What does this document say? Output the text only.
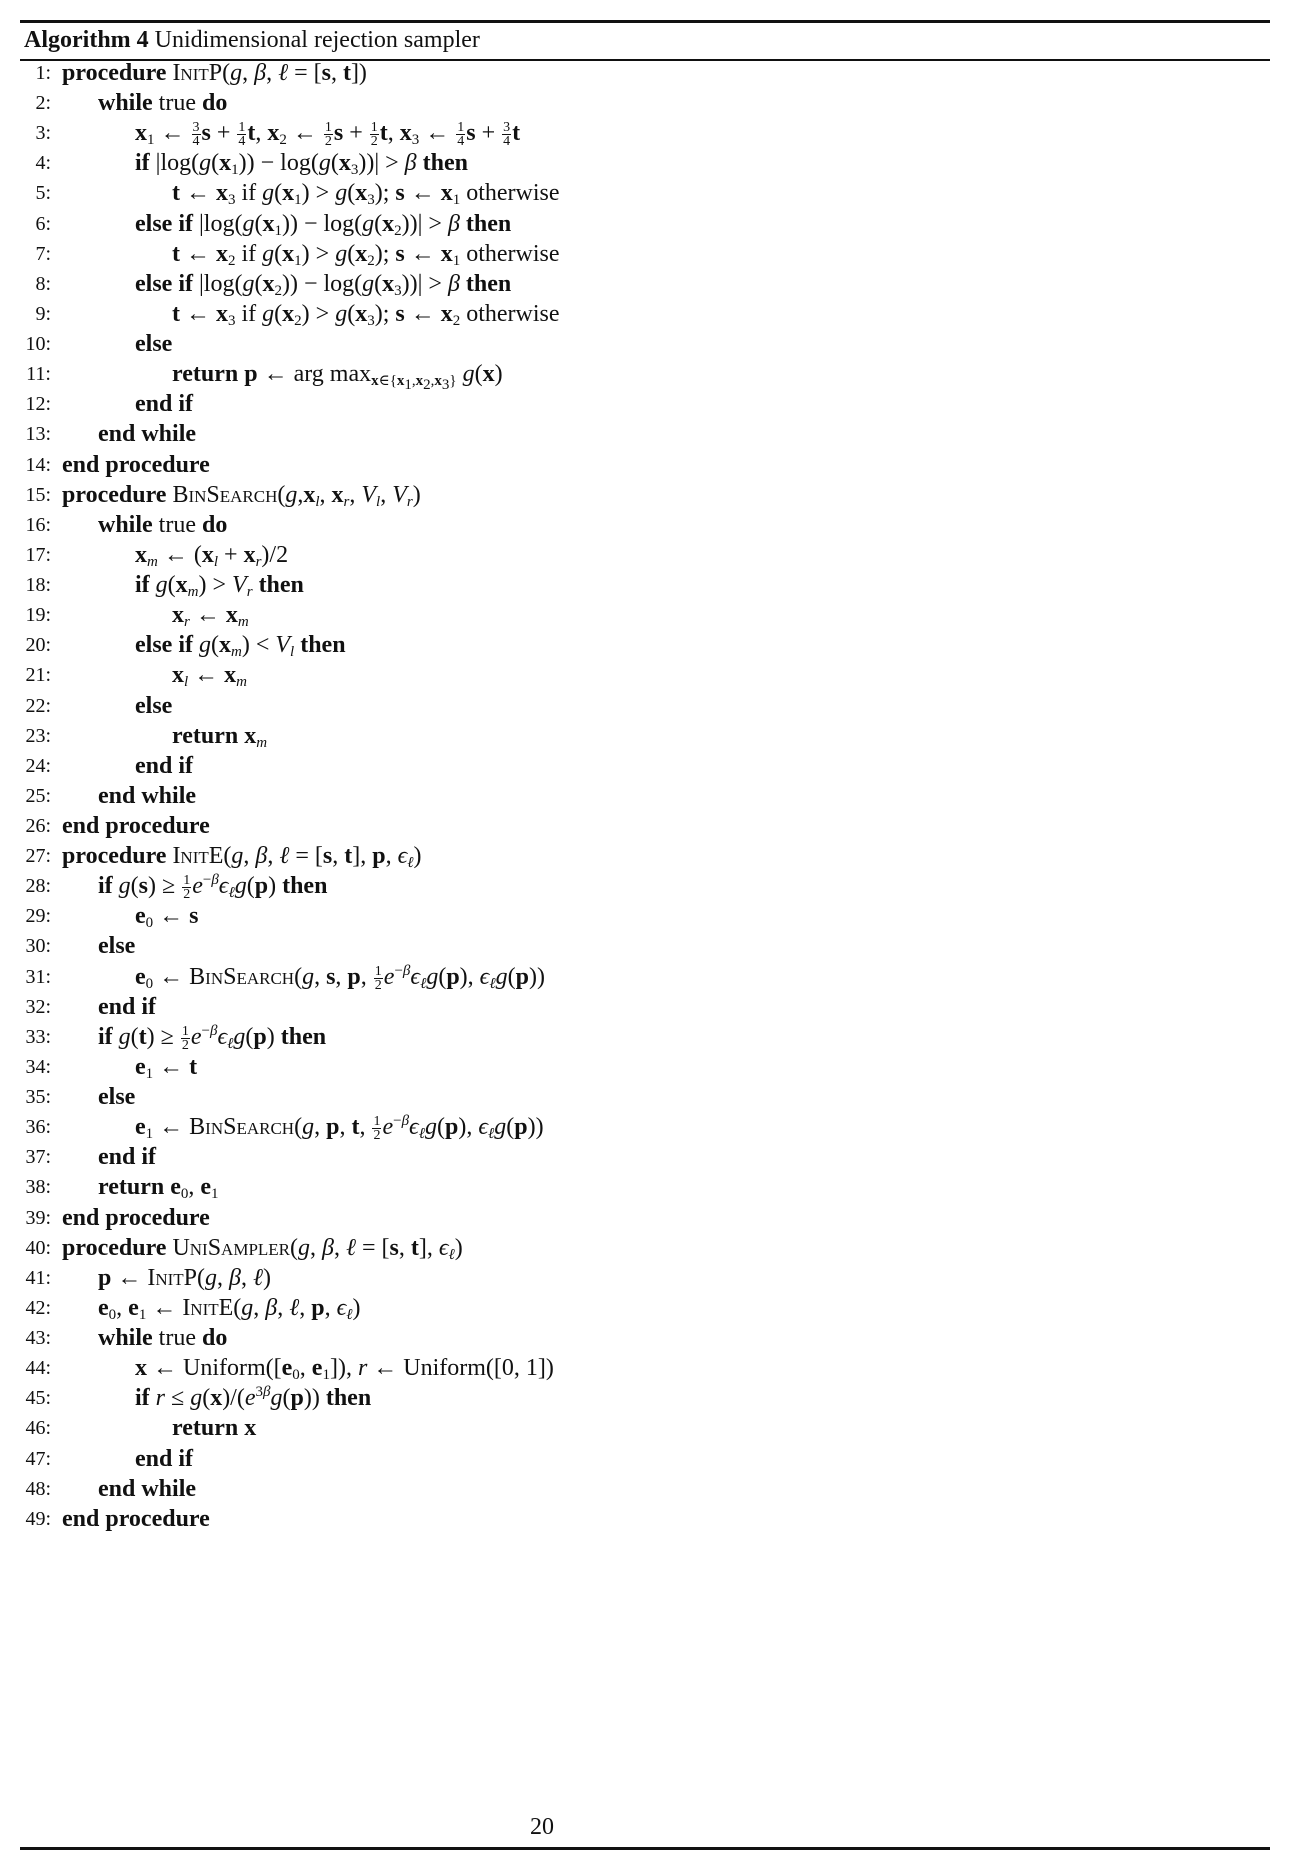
Algorithm 4 Unidimensional rejection sampler
1: procedure InitP(g, β, ℓ = [s, t])
2: while true do
3:	$x_1$ ← $\frac{3}{4}$ $s + \frac{1}{4} t$, $x_2$ ← $\frac{1}{2}$ $s + \frac{1}{2} t$, $x_3$ ← $\frac{1}{4}$ $s + \frac{3}{4}$ t
4:	if $|\log(g(x_1)) - \log(g(x_3))| > \beta$ then
5:	t ← $x_3$ if $g(x_1) > g(x_3)$; s ← $x_1$ otherwise
6:	else if $|\log(g(x_1)) - \log(g(x_2))| > \beta$ then
7:	t ← $x_2$ if $g(x_1) > g(x_2)$; s ← $x_1$ otherwise
8:	else if $|\log(g(x_2)) - \log(g(x_3))| > \beta$ then
9:	t ← $x_3$ if $g(x_2) > g(x_3)$; s ← $x_2$ otherwise
10:	else
11:	return p ← arg $\max_{x\in\{x_1,x_2,x_3\}} g(x)$
12:	end if
13: end while
14: end procedure
15: procedure $BinSearch(g,x_l$, $x_r$, $V_l$, $V_r$)
16: while true do
17:	$x_m$ ← $(x_l + x_r)/2$
18:	if $g(x_m) > V_r$ then
19:	$x_r$ ← $x_m$
20:	else if $g(x_m) < V_l$ then
21:	$x_l$ ← $x_m$
22:	else
23:	return $x_m$
24:	end if
25: end while
26: end procedure
27: procedure InitE(g, β, ℓ = [s, t], p, $\epsilon_\ell$)
28: if $g(s) \ge \frac{1}{2} e^{-\beta}\epsilon_\ell g(p)$ then
29:	$e_0$ ← s
30: else
31:	$e_0$ ← BinSearch(g, s, p, $\frac{1}{2} e^{-\beta}\epsilon_\ell g(p)$, $\epsilon_\ell g(p)$)
32: end if
33: if $g(t) \ge \frac{1}{2} e^{-\beta}\epsilon_\ell g(p)$ then
34:	$e_1$ ← t
35: else
36:	$e_1$ ← BinSearch(g, p, t, $\frac{1}{2} e^{-\beta}\epsilon_\ell g(p)$, $\epsilon_\ell g(p)$)
37: end if
38: return $e_0$, $e_1$
39: end procedure
40: procedure UniSampler(g, β, ℓ = [s, t], $\epsilon_\ell$)
41: p ← InitP(g, β, ℓ)
42: $e_0$, $e_1$ ← InitE(g, β, ℓ, p, $\epsilon_\ell$)
43: while true do
44:	x ← $Uniform([e_0$, $e_1$]), r ← Uniform([0, 1])
45:	if $r \le g(x)/(e^{3\beta}g(p))$ then
46:	return x
47:	end if
48: end while
49: end procedure
20
